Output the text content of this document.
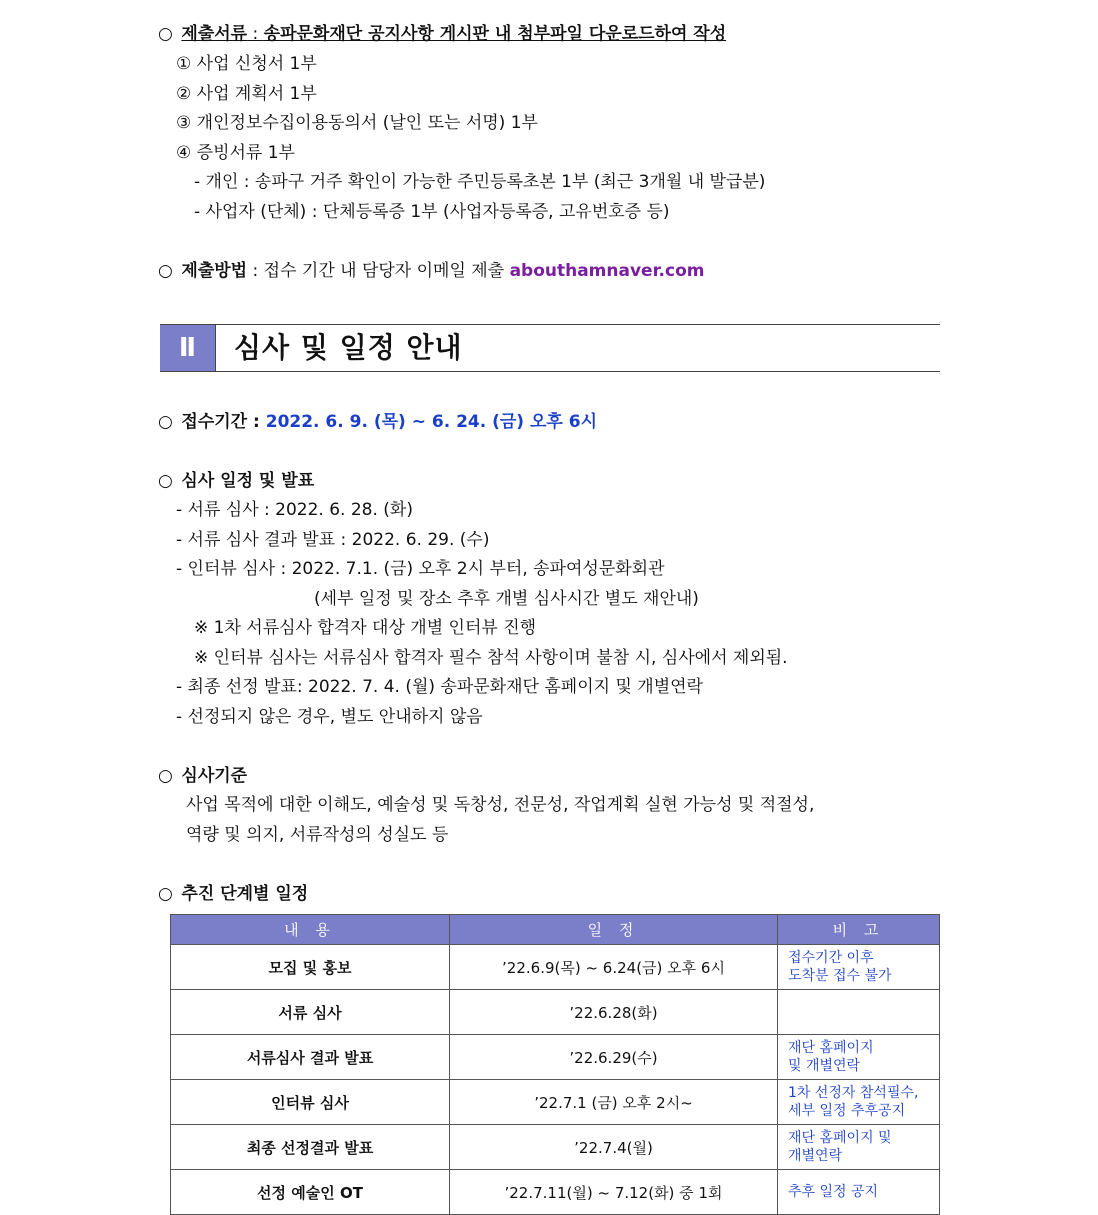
○ 제출서류 : 송파문화재단 공지사항 게시판 내 첨부파일 다운로드하여 작성
① 사업 신청서 1부
② 사업 계획서 1부
③ 개인정보수집이용동의서 (날인 또는 서명) 1부
④ 증빙서류 1부
- 개인 : 송파구 거주 확인이 가능한 주민등록초본 1부 (최근 3개월 내 발급분)
- 사업자 (단체) : 단체등록증 1부 (사업자등록증, 고유번호증 등)
○ 제출방법 : 접수 기간 내 담당자 이메일 제출 abouthamnaver.com
Ⅱ	심사 및 일정 안내
○ 접수기간 : 2022. 6. 9. (목) ~ 6. 24. (금) 오후 6시
○ 심사 일정 및 발표
- 서류 심사 : 2022. 6. 28. (화)
- 서류 심사 결과 발표 : 2022. 6. 29. (수)
- 인터뷰 심사 : 2022. 7.1. (금) 오후 2시 부터, 송파여성문화회관
(세부 일정 및 장소 추후 개별 심사시간 별도 재안내)
※ 1차 서류심사 합격자 대상 개별 인터뷰 진행
※ 인터뷰 심사는 서류심사 합격자 필수 참석 사항이며 불참 시, 심사에서 제외됨.
- 최종 선정 발표: 2022. 7. 4. (월) 송파문화재단 홈페이지 및 개별연락
- 선정되지 않은 경우, 별도 안내하지 않음
○ 심사기준
사업 목적에 대한 이해도, 예술성 및 독창성, 전문성, 작업계획 실현 가능성 및 적절성,
역량 및 의지, 서류작성의 성실도 등
○ 추진 단계별 일정
내 용	일 정	비 고
모집 및 홍보	’22.6.9(목) ~ 6.24(금) 오후 6시	접수기간 이후
도착분 접수 불가

서류 심사	’22.6.28(화)	

서류심사 결과 발표	’22.6.29(수)	재단 홈페이지
및 개별연락

인터뷰 심사	’22.7.1 (금) 오후 2시~	1차 선정자 참석필수,
세부 일정 추후공지

최종 선정결과 발표	’22.7.4(월)	재단 홈페이지 및
개별연락

선정 예술인 OT	’22.7.11(월) ~ 7.12(화) 중 1회	추후 일정 공지
